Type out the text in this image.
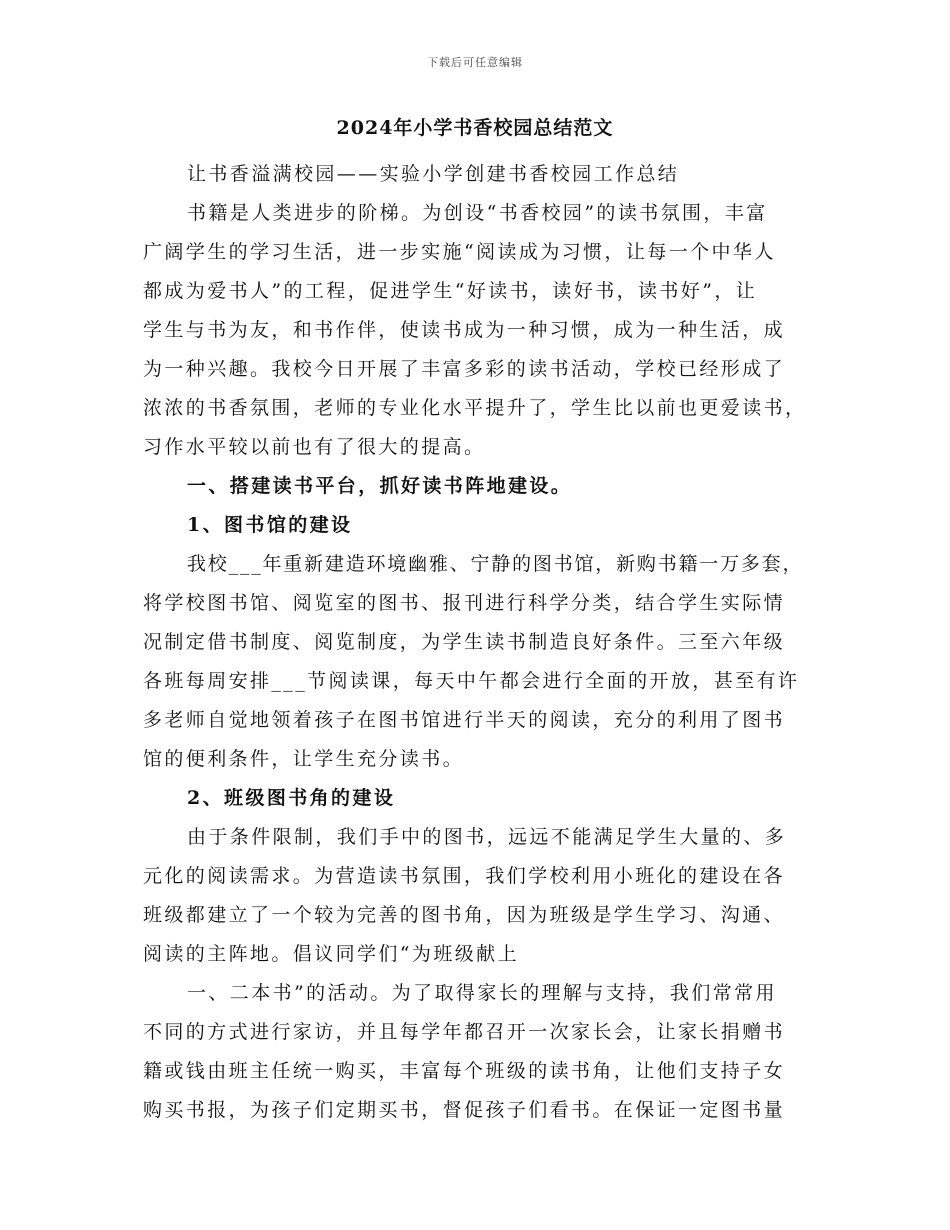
下载后可任意编辑
2024年小学书香校园总结范文
让书香溢满校园——实验小学创建书香校园工作总结
书籍是人类进步的阶梯。为创设“书香校园”的读书氛围，丰富
广阔学生的学习生活，进一步实施“阅读成为习惯，让每一个中华人
都成为爱书人”的工程，促进学生“好读书，读好书，读书好”，让
学生与书为友，和书作伴，使读书成为一种习惯，成为一种生活，成
为一种兴趣。我校今日开展了丰富多彩的读书活动，学校已经形成了
浓浓的书香氛围，老师的专业化水平提升了，学生比以前也更爱读书，
习作水平较以前也有了很大的提高。
一、搭建读书平台，抓好读书阵地建设。
1、图书馆的建设
我校___年重新建造环境幽雅、宁静的图书馆，新购书籍一万多套，
将学校图书馆、阅览室的图书、报刊进行科学分类，结合学生实际情
况制定借书制度、阅览制度，为学生读书制造良好条件。三至六年级
各班每周安排___节阅读课，每天中午都会进行全面的开放，甚至有许
多老师自觉地领着孩子在图书馆进行半天的阅读，充分的利用了图书
馆的便利条件，让学生充分读书。
2、班级图书角的建设
由于条件限制，我们手中的图书，远远不能满足学生大量的、多
元化的阅读需求。为营造读书氛围，我们学校利用小班化的建设在各
班级都建立了一个较为完善的图书角，因为班级是学生学习、沟通、
阅读的主阵地。倡议同学们“为班级献上
一、二本书”的活动。为了取得家长的理解与支持，我们常常用
不同的方式进行家访，并且每学年都召开一次家长会，让家长捐赠书
籍或钱由班主任统一购买，丰富每个班级的读书角，让他们支持子女
购买书报，为孩子们定期买书，督促孩子们看书。在保证一定图书量
